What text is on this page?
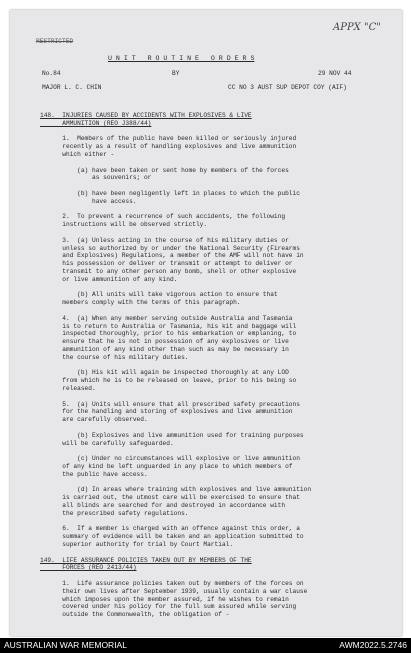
RESTRICTED
APPX "C"
U N I T   R O U T I N E   O R D E R S
No.84	BY	29 NOV 44
MAJOR L. C. CHIN	CC NO 3 AUST SUP DEPOT COY (AIF)
148.  INJURIES CAUSED BY ACCIDENTS WITH EXPLOSIVES & LIVE
AMMUNITION (REO J388/44)
1.  Members of the public have been killed or seriously injured
recently as a result of handling explosives and live ammunition
which either -
(a) have been taken or sent home by members of the forces
as souvenirs; or
(b) have been negligently left in places to which the public
have access.
2.  To prevent a recurrence of such accidents, the following
instructions will be observed strictly.
3.  (a) Unless acting in the course of his military duties or
unless so authorized by or under the National Security (Firearms
and Explosives) Regulations, a member of the AMF will not have in
his possession or deliver or transmit or attempt to deliver or
transmit to any other person any bomb, shell or other explosive
or live ammunition of any kind.
(b) All units will take vigorous action to ensure that
members comply with the terms of this paragraph.
4.  (a) When any member serving outside Australia and Tasmania
is to return to Australia or Tasmania, his kit and baggage will
inspected thoroughly, prior to his embarkation or emplaning, to
ensure that he is not in possession of any explosives or live
ammunition of any kind other than such as may be necessary in
the course of his military duties.
(b) His kit will again be inspected thoroughly at any LOD
from which he is to be released on leave, prior to his being so
released.
5.  (a) Units will ensure that all prescribed safety precautions
for the handling and storing of explosives and live ammunition
are carefully observed.
(b) Explosives and live ammunition used for training purposes
will be carefully safeguarded.
(c) Under no circumstances will explosive or live ammunition
of any kind be left unguarded in any place to which members of
the public have access.
(d) In areas where training with explosives and live ammunition
is carried out, the utmost care will be exercised to ensure that
all blinds are searched for and destroyed in accordance with
the prescribed safety regulations.
6.  If a member is charged with an offence against this order, a
summary of evidence will be taken and an application submitted to
superior authority for trial by Court Martial.
149.  LIFE ASSURANCE POLICIES TAKEN OUT BY MEMBERS OF THE
FORCES (REO 2413/44)
1.  Life assurance policies taken out by members of the forces on
their own lives after September 1939, usually contain a war clause
which imposes upon the member assured, if he wishes to remain
covered under his policy for the full sum assured while serving
outside the Commonwealth, the obligation of -
AUSTRALIAN WAR MEMORIAL	AWM2022.5.2746
